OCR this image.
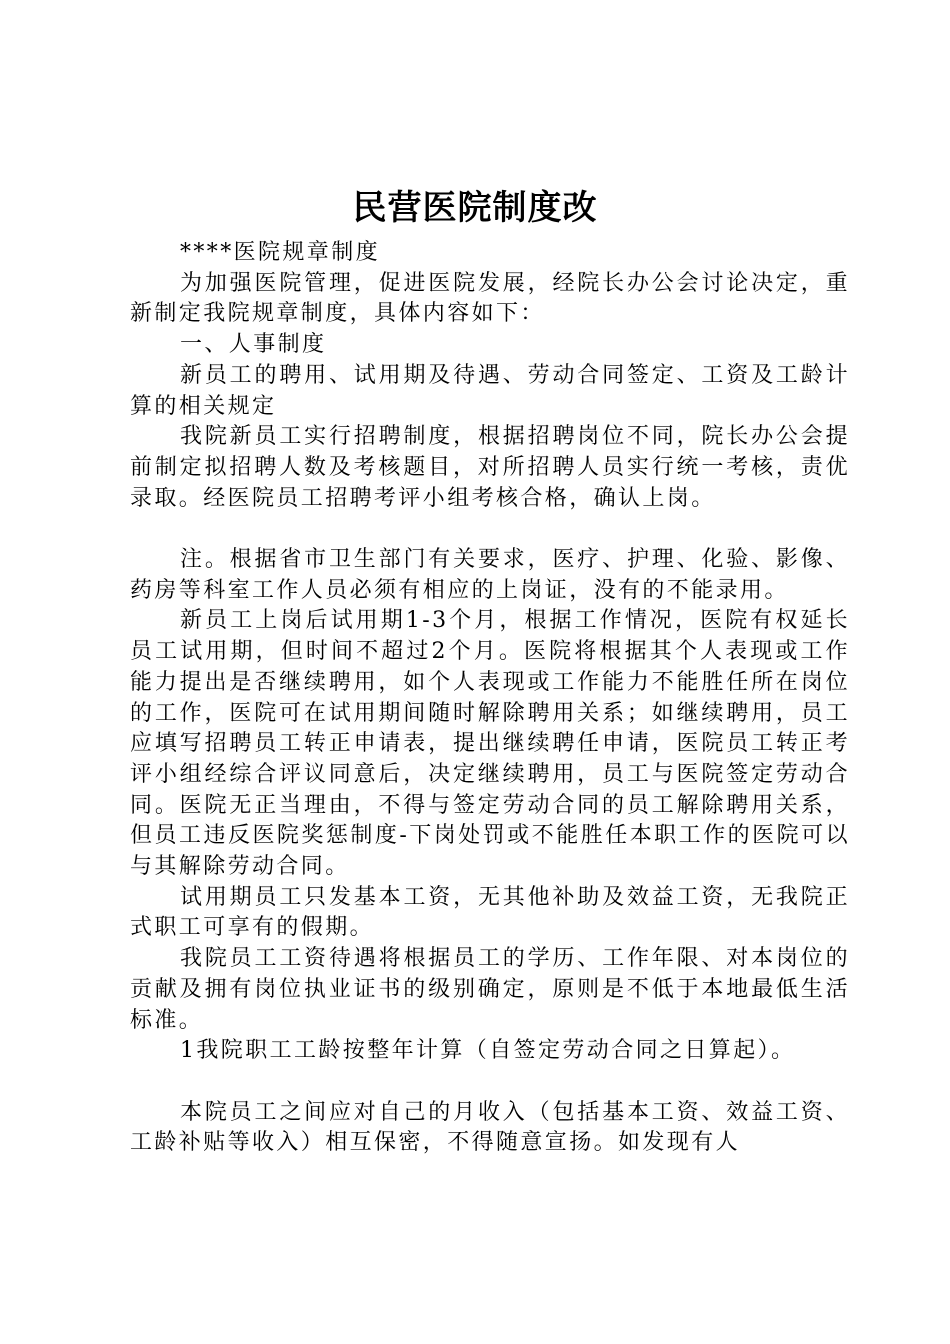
民营医院制度改

****医院规章制度

为加强医院管理，促进医院发展，经院长办公会讨论决定，重新制定我院规章制度，具体内容如下：

一、人事制度

新员工的聘用、试用期及待遇、劳动合同签定、工资及工龄计算的相关规定

我院新员工实行招聘制度，根据招聘岗位不同，院长办公会提前制定拟招聘人数及考核题目，对所招聘人员实行统一考核，责优录取。经医院员工招聘考评小组考核合格，确认上岗。

注。根据省市卫生部门有关要求，医疗、护理、化验、影像、药房等科室工作人员必须有相应的上岗证，没有的不能录用。

新员工上岗后试用期1-3个月，根据工作情况，医院有权延长员工试用期，但时间不超过2个月。医院将根据其个人表现或工作能力提出是否继续聘用，如个人表现或工作能力不能胜任所在岗位的工作，医院可在试用期间随时解除聘用关系；如继续聘用，员工应填写招聘员工转正申请表，提出继续聘任申请，医院员工转正考评小组经综合评议同意后，决定继续聘用，员工与医院签定劳动合同。医院无正当理由，不得与签定劳动合同的员工解除聘用关系，但员工违反医院奖惩制度-下岗处罚或不能胜任本职工作的医院可以与其解除劳动合同。

试用期员工只发基本工资，无其他补助及效益工资，无我院正式职工可享有的假期。

我院员工工资待遇将根据员工的学历、工作年限、对本岗位的贡献及拥有岗位执业证书的级别确定，原则是不低于本地最低生活标准。

1我院职工工龄按整年计算（自签定劳动合同之日算起）。

本院员工之间应对自己的月收入（包括基本工资、效益工资、工龄补贴等收入）相互保密，不得随意宣扬。如发现有人
